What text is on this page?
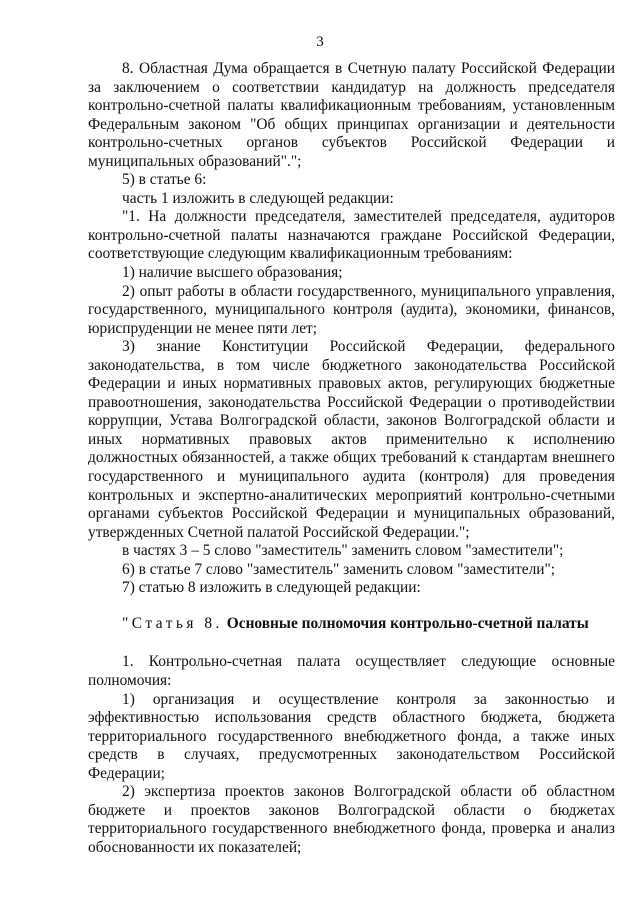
3

8. Областная Дума обращается в Счетную палату Российской Федерации за заключением о соответствии кандидатур на должность председателя контрольно-счетной палаты квалификационным требованиям, установленным Федеральным законом "Об общих принципах организации и деятельности контрольно-счетных органов субъектов Российской Федерации и муниципальных образований".";

5) в статье 6:

часть 1 изложить в следующей редакции:

"1. На должности председателя, заместителей председателя, аудиторов контрольно-счетной палаты назначаются граждане Российской Федерации, соответствующие следующим квалификационным требованиям:

1) наличие высшего образования;

2) опыт работы в области государственного, муниципального управления, государственного, муниципального контроля (аудита), экономики, финансов, юриспруденции не менее пяти лет;

3) знание Конституции Российской Федерации, федерального законодательства, в том числе бюджетного законодательства Российской Федерации и иных нормативных правовых актов, регулирующих бюджетные правоотношения, законодательства Российской Федерации о противодействии коррупции, Устава Волгоградской области, законов Волгоградской области и иных нормативных правовых актов применительно к исполнению должностных обязанностей, а также общих требований к стандартам внешнего государственного и муниципального аудита (контроля) для проведения контрольных и экспертно-аналитических мероприятий контрольно-счетными органами субъектов Российской Федерации и муниципальных образований, утвержденных Счетной палатой Российской Федерации.";

в частях 3 – 5 слово "заместитель" заменить словом "заместители";

6) в статье 7 слово "заместитель" заменить словом "заместители";

7) статью 8 изложить в следующей редакции:

"Статья 8. Основные полномочия контрольно-счетной палаты

1. Контрольно-счетная палата осуществляет следующие основные полномочия:

1) организация и осуществление контроля за законностью и эффективностью использования средств областного бюджета, бюджета территориального государственного внебюджетного фонда, а также иных средств в случаях, предусмотренных законодательством Российской Федерации;

2) экспертиза проектов законов Волгоградской области об областном бюджете и проектов законов Волгоградской области о бюджетах территориального государственного внебюджетного фонда, проверка и анализ обоснованности их показателей;
